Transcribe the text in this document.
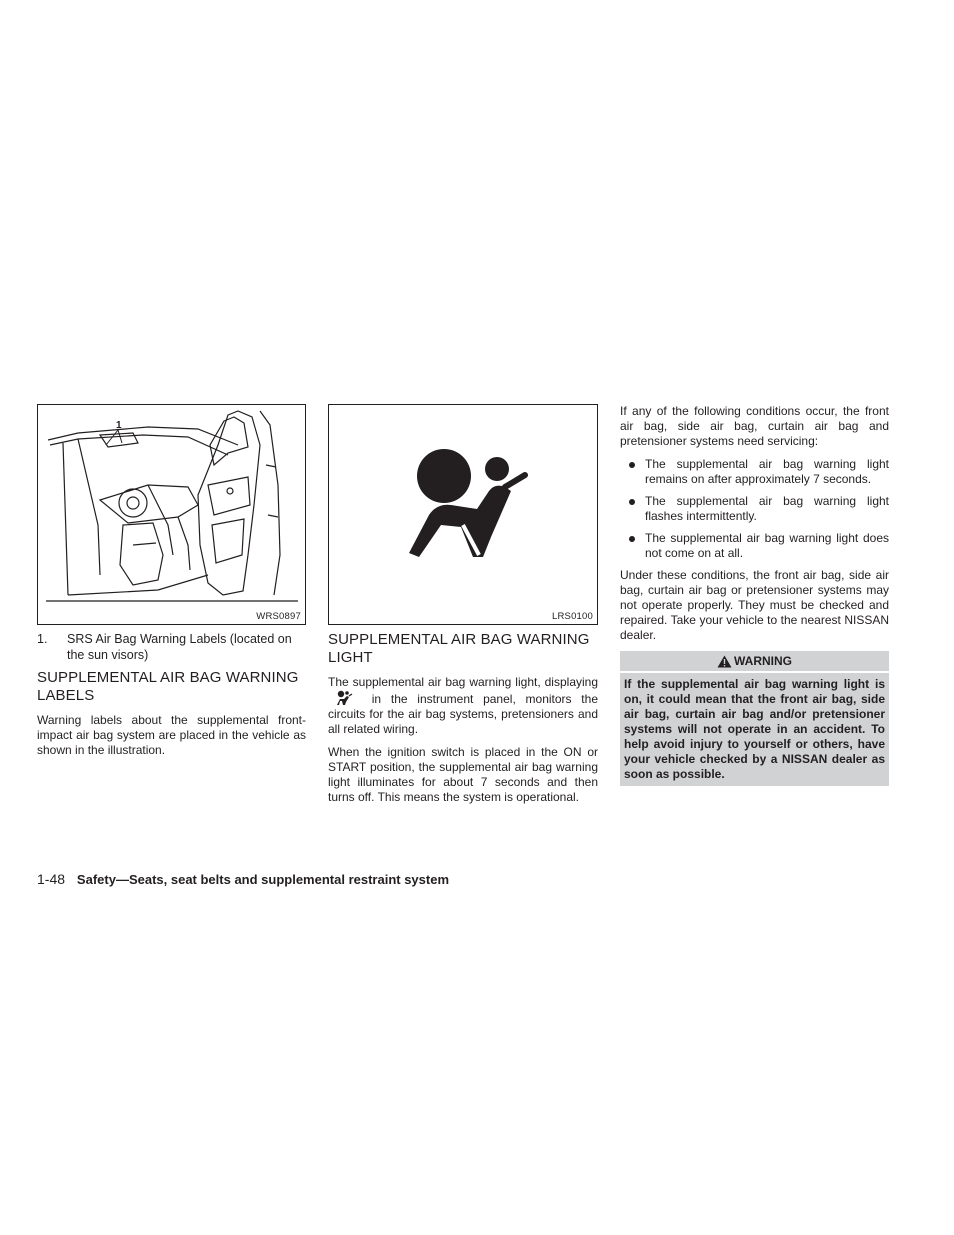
1
WRS0897
1.	SRS Air Bag Warning Labels (located on the sun visors)
SUPPLEMENTAL AIR BAG WARNING LABELS

Warning labels about the supplemental front-impact air bag system are placed in the vehicle as shown in the illustration.

LRS0100
SUPPLEMENTAL AIR BAG WARNING LIGHT

The supplemental air bag warning light, displaying  in the instrument panel, monitors the circuits for the air bag systems, pretensioners and all related wiring.

When the ignition switch is placed in the ON or START position, the supplemental air bag warning light illuminates for about 7 seconds and then turns off. This means the system is operational.

If any of the following conditions occur, the front air bag, side air bag, curtain air bag and pretensioner systems need servicing:

The supplemental air bag warning light remains on after approximately 7 seconds.
The supplemental air bag warning light flashes intermittently.
The supplemental air bag warning light does not come on at all.

Under these conditions, the front air bag, side air bag, curtain air bag or pretensioner systems may not operate properly. They must be checked and repaired. Take your vehicle to the nearest NISSAN dealer.

WARNING
If the supplemental air bag warning light is on, it could mean that the front air bag, side air bag, curtain air bag and/or pretensioner systems will not operate in an accident. To help avoid injury to yourself or others, have your vehicle checked by a NISSAN dealer as soon as possible.
1-48 Safety—Seats, seat belts and supplemental restraint system
